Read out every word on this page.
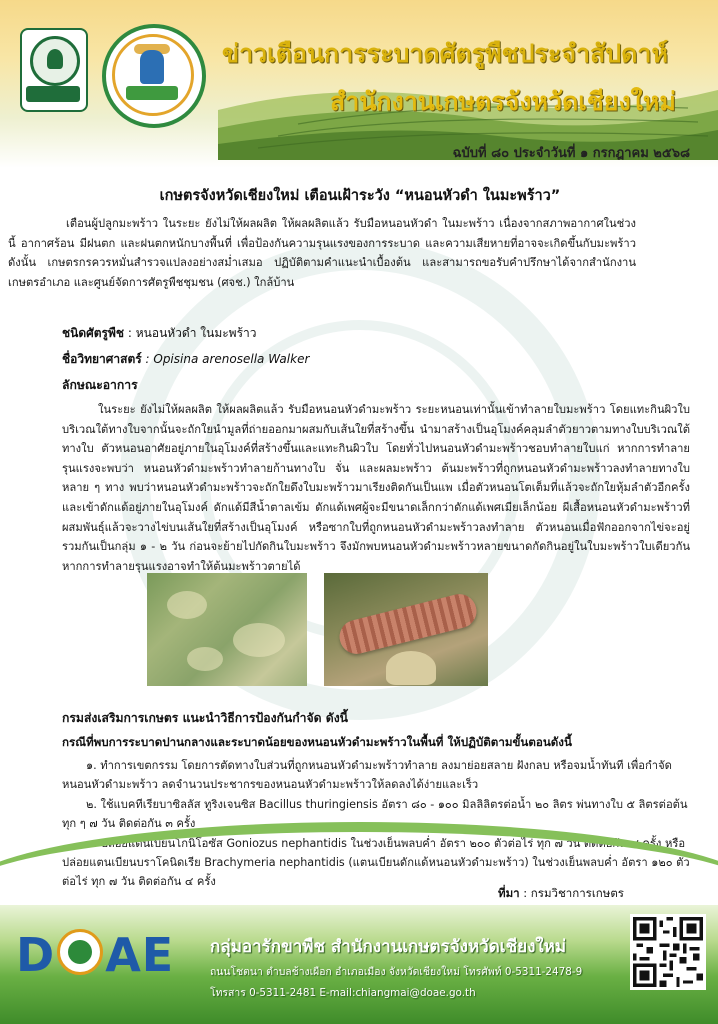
ข่าวเตือนการระบาดศัตรูพืชประจำสัปดาห์
สำนักงานเกษตรจังหวัดเชียงใหม่
ฉบับที่ ๘๐ ประจำวันที่ ๑ กรกฎาคม ๒๕๖๘
เกษตรจังหวัดเชียงใหม่ เตือนเฝ้าระวัง “หนอนหัวดำ ในมะพร้าว”
เตือนผู้ปลูกมะพร้าว ในระยะ ยังไม่ให้ผลผลิต ให้ผลผลิตแล้ว รับมือหนอนหัวดำ ในมะพร้าว เนื่องจากสภาพอากาศในช่วงนี้ อากาศร้อน มีฝนตก และฝนตกหนักบางพื้นที่ เพื่อป้องกันความรุนแรงของการระบาด และความเสียหายที่อาจจะเกิดขึ้นกับมะพร้าว ดังนั้น เกษตรกรควรหมั่นสำรวจแปลงอย่างสม่ำเสมอ ปฏิบัติตามคำแนะนำเบื้องต้น และสามารถขอรับคำปรึกษาได้จากสำนักงานเกษตรอำเภอ และศูนย์จัดการศัตรูพืชชุมชน (ศจช.) ใกล้บ้าน
ชนิดศัตรูพืช : หนอนหัวดำ ในมะพร้าว
ชื่อวิทยาศาสตร์ : Opisina arenosella Walker
ลักษณะอาการ
ในระยะ ยังไม่ให้ผลผลิต ให้ผลผลิตแล้ว รับมือหนอนหัวดำมะพร้าว ระยะหนอนเท่านั้นเข้าทำลายใบมะพร้าว โดยแทะกินผิวใบบริเวณใต้ทางใบจากนั้นจะถักใยนำมูลที่ถ่ายออกมาผสมกับเส้นใยที่สร้างขึ้น นำมาสร้างเป็นอุโมงค์คลุมลำตัวยาวตามทางใบบริเวณใต้ทางใบ ตัวหนอนอาศัยอยู่ภายในอุโมงค์ที่สร้างขึ้นและแทะกินผิวใบ โดยทั่วไปหนอนหัวดำมะพร้าวชอบทำลายใบแก่ หากการทำลายรุนแรงจะพบว่า หนอนหัวดำมะพร้าวทำลายก้านทางใบ จั่น และผลมะพร้าว ต้นมะพร้าวที่ถูกหนอนหัวดำมะพร้าวลงทำลายทางใบหลาย ๆ ทาง พบว่าหนอนหัวดำมะพร้าวจะถักใยดึงใบมะพร้าวมาเรียงติดกันเป็นแพ เมื่อตัวหนอนโตเต็มที่แล้วจะถักใยหุ้มลำตัวอีกครั้ง และเข้าดักแด้อยู่ภายในอุโมงค์ ดักแด้มีสีน้ำตาลเข้ม ดักแด้เพศผู้จะมีขนาดเล็กกว่าดักแด้เพศเมียเล็กน้อย ผีเสื้อหนอนหัวดำมะพร้าวที่ผสมพันธุ์แล้วจะวางไข่บนเส้นใยที่สร้างเป็นอุโมงค์ หรือซากใบที่ถูกหนอนหัวดำมะพร้าวลงทำลาย ตัวหนอนเมื่อฟักออกจากไข่จะอยู่รวมกันเป็นกลุ่ม ๑ - ๒ วัน ก่อนจะย้ายไปกัดกินใบมะพร้าว จึงมักพบหนอนหัวดำมะพร้าวหลายขนาดกัดกินอยู่ในใบมะพร้าวใบเดียวกัน หากการทำลายรุนแรงอาจทำให้ต้นมะพร้าวตายได้
กรมส่งเสริมการเกษตร แนะนำวิธีการป้องกันกำจัด ดังนี้
กรณีที่พบการระบาดปานกลางและระบาดน้อยของหนอนหัวดำมะพร้าวในพื้นที่ ให้ปฏิบัติตามขั้นตอนดังนี้
๑. ทำการเขตกรรม โดยการตัดทางใบส่วนที่ถูกหนอนหัวดำมะพร้าวทำลาย ลงมาย่อยสลาย ฝังกลบ หรือจมน้ำทันที เพื่อกำจัดหนอนหัวดำมะพร้าว ลดจำนวนประชากรของหนอนหัวดำมะพร้าวให้ลดลงได้ง่ายและเร็ว
๒. ใช้แบคทีเรียบาซิลลัส ทูริงเจนซิส Bacillus thuringiensis อัตรา ๘๐ - ๑๐๐ มิลลิลิตรต่อน้ำ ๒๐ ลิตร พ่นทางใบ ๕ ลิตรต่อต้น ทุก ๆ ๗ วัน ติดต่อกัน ๓ ครั้ง
๓. ปล่อยแตนเบียนโกนิโอซัส Goniozus nephantidis ในช่วงเย็นพลบค่ำ อัตรา ๒๐๐ ตัวต่อไร่ ทุก ๗ วัน ติดต่อกัน ๔ ครั้ง หรือ ปล่อยแตนเบียนบราโคนิดเรีย Brachymeria nephantidis (แตนเบียนดักแด้หนอนหัวดำมะพร้าว) ในช่วงเย็นพลบค่ำ อัตรา ๑๒๐ ตัวต่อไร่ ทุก ๗ วัน ติดต่อกัน ๔ ครั้ง
ที่มา : กรมวิชาการเกษตร
D AE กลุ่มอารักขาพืช สำนักงานเกษตรจังหวัดเชียงใหม่
ถนนโชตนา ตำบลช้างเผือก อำเภอเมือง จังหวัดเชียงใหม่ โทรศัพท์ 0-5311-2478-9
โทรสาร 0-5311-2481 E-mail:chiangmai@doae.go.th
